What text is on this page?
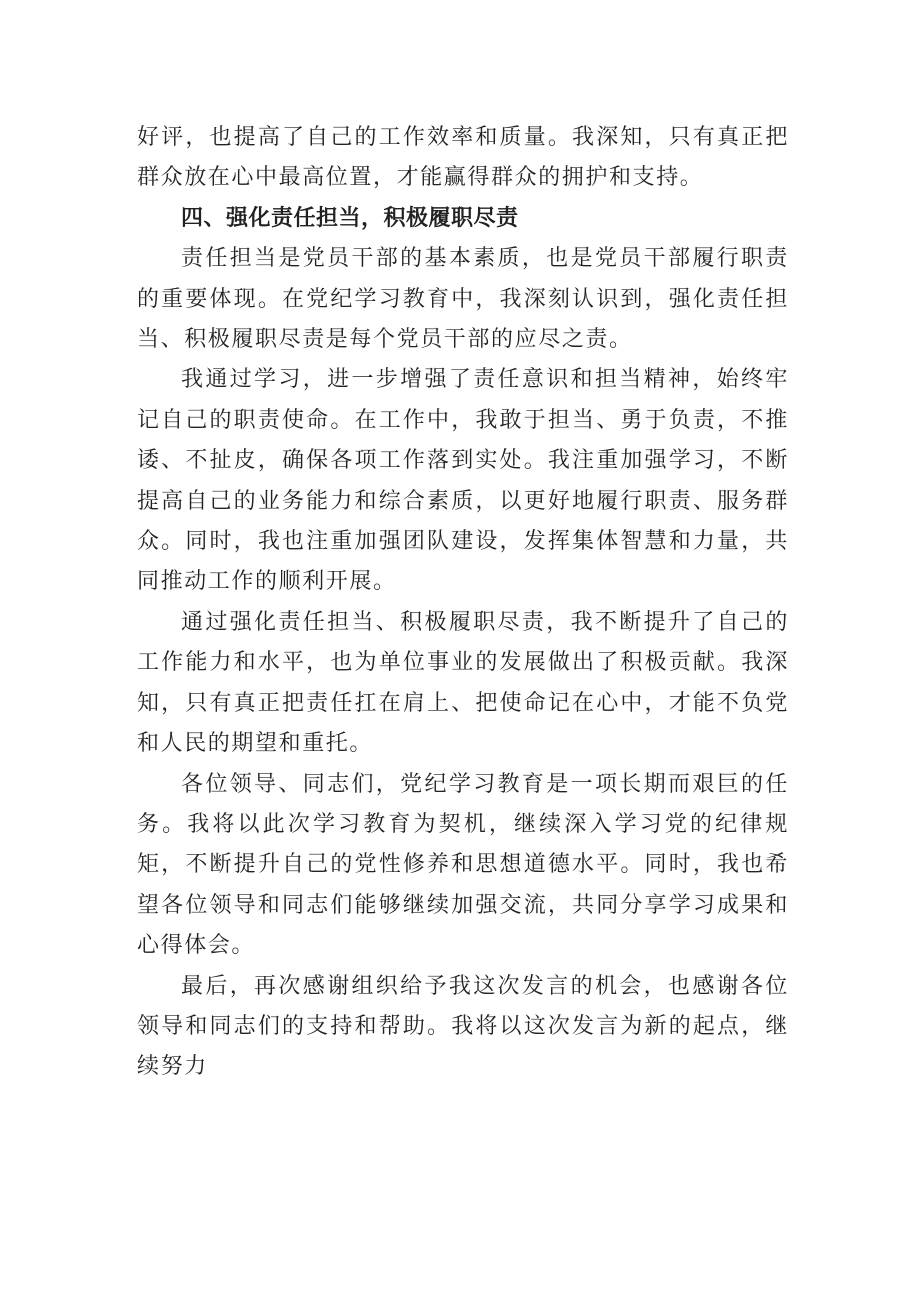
好评，也提高了自己的工作效率和质量。我深知，只有真正把群众放在心中最高位置，才能赢得群众的拥护和支持。

四、强化责任担当，积极履职尽责

责任担当是党员干部的基本素质，也是党员干部履行职责的重要体现。在党纪学习教育中，我深刻认识到，强化责任担当、积极履职尽责是每个党员干部的应尽之责。

我通过学习，进一步增强了责任意识和担当精神，始终牢记自己的职责使命。在工作中，我敢于担当、勇于负责，不推诿、不扯皮，确保各项工作落到实处。我注重加强学习，不断提高自己的业务能力和综合素质，以更好地履行职责、服务群众。同时，我也注重加强团队建设，发挥集体智慧和力量，共同推动工作的顺利开展。

通过强化责任担当、积极履职尽责，我不断提升了自己的工作能力和水平，也为单位事业的发展做出了积极贡献。我深知，只有真正把责任扛在肩上、把使命记在心中，才能不负党和人民的期望和重托。

各位领导、同志们，党纪学习教育是一项长期而艰巨的任务。我将以此次学习教育为契机，继续深入学习党的纪律规矩，不断提升自己的党性修养和思想道德水平。同时，我也希望各位领导和同志们能够继续加强交流，共同分享学习成果和心得体会。

最后，再次感谢组织给予我这次发言的机会，也感谢各位领导和同志们的支持和帮助。我将以这次发言为新的起点，继续努力
